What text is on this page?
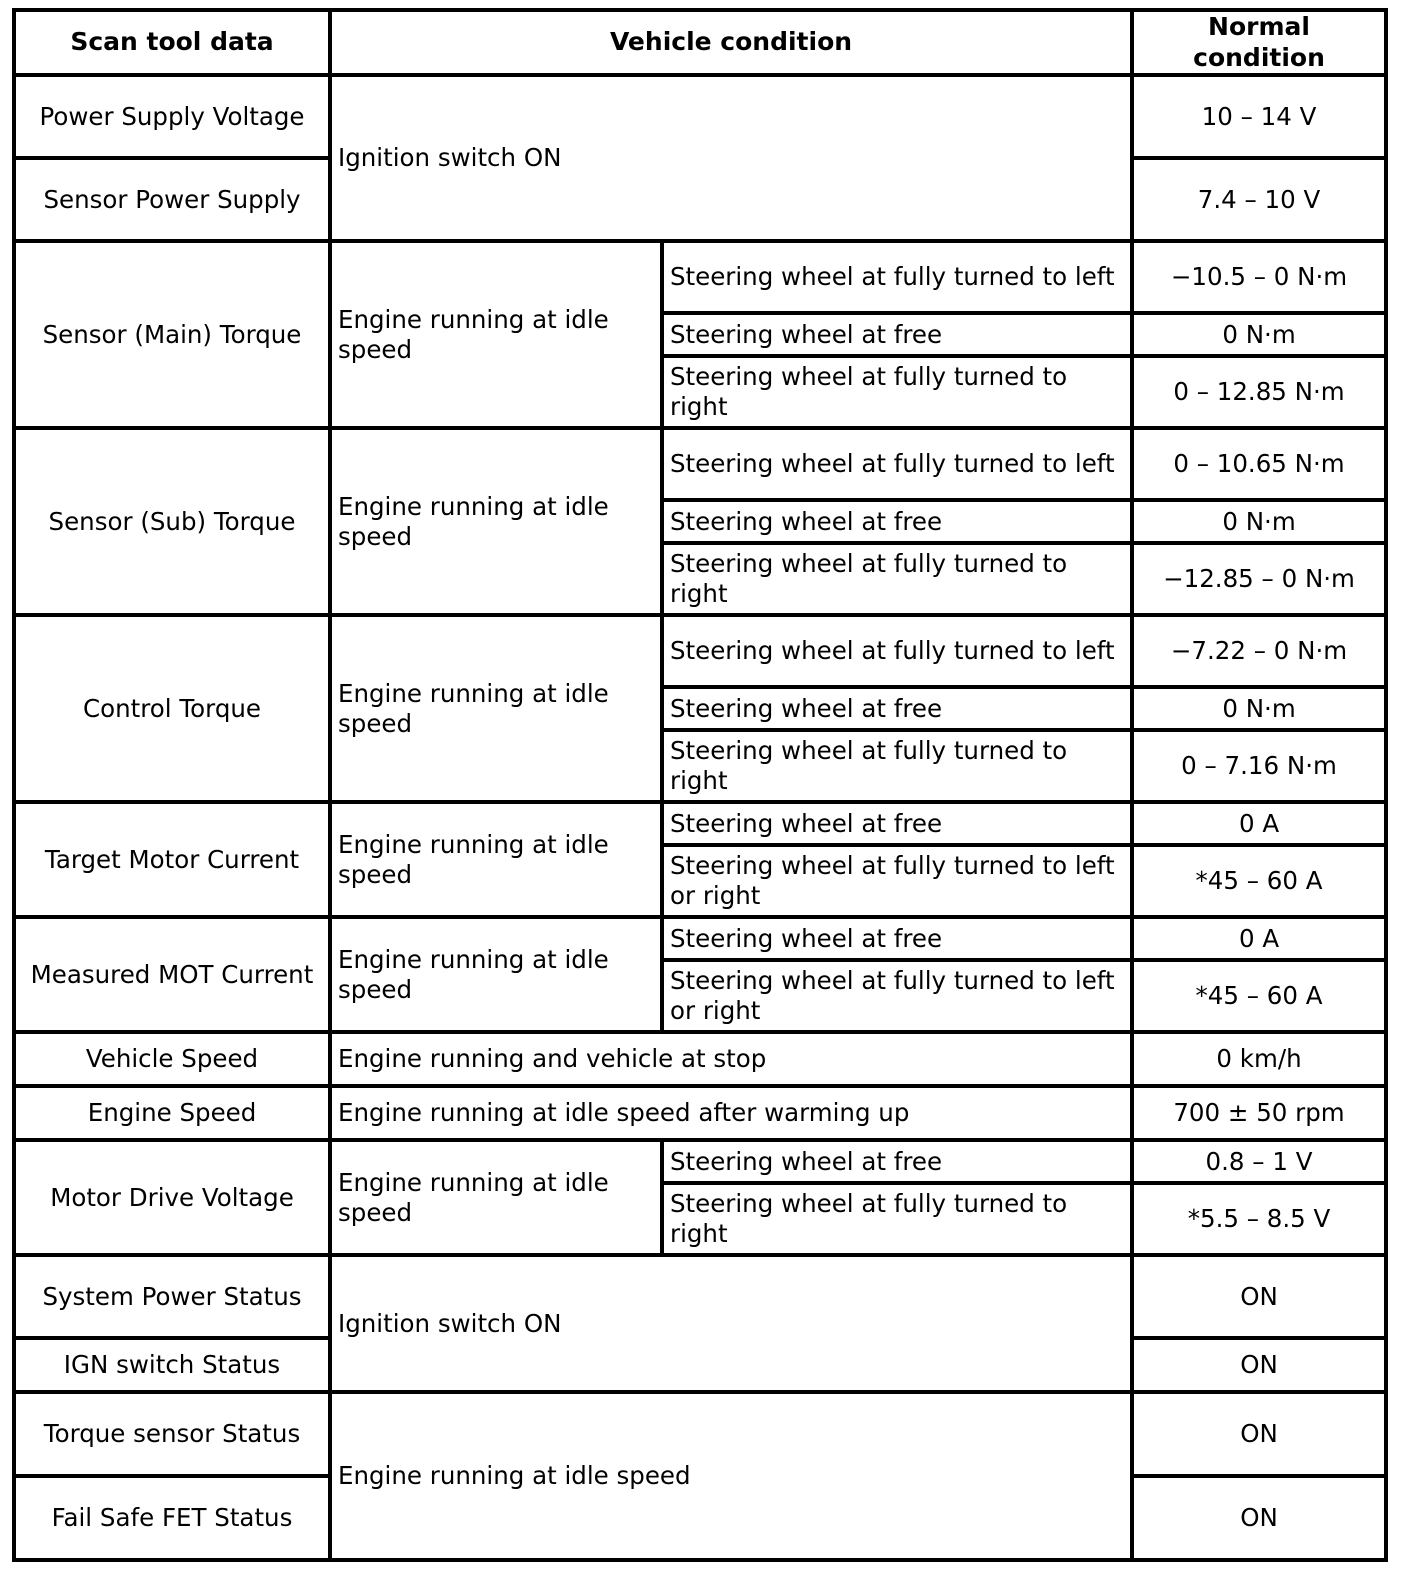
Scan tool data	Vehicle condition		Normal condition
Power Supply Voltage	Ignition switch ON		10 – 14 V
Sensor Power Supply			7.4 – 10 V
Sensor (Main) Torque	Engine running at idle speed	Steering wheel at fully turned to left	−10.5 – 0 N·m
		Steering wheel at free	0 N·m
		Steering wheel at fully turned to right	0 – 12.85 N·m
Sensor (Sub) Torque	Engine running at idle speed	Steering wheel at fully turned to left	0 – 10.65 N·m
		Steering wheel at free	0 N·m
		Steering wheel at fully turned to right	−12.85 – 0 N·m
Control Torque	Engine running at idle speed	Steering wheel at fully turned to left	−7.22 – 0 N·m
		Steering wheel at free	0 N·m
		Steering wheel at fully turned to right	0 – 7.16 N·m
Target Motor Current	Engine running at idle speed	Steering wheel at free	0 A
		Steering wheel at fully turned to left or right	*45 – 60 A
Measured MOT Current	Engine running at idle speed	Steering wheel at free	0 A
		Steering wheel at fully turned to left or right	*45 – 60 A
Vehicle Speed	Engine running and vehicle at stop		0 km/h
Engine Speed	Engine running at idle speed after warming up		700 ± 50 rpm
Motor Drive Voltage	Engine running at idle speed	Steering wheel at free	0.8 – 1 V
		Steering wheel at fully turned to right	*5.5 – 8.5 V
System Power Status	Ignition switch ON		ON
IGN switch Status			ON
Torque sensor Status	Engine running at idle speed		ON
Fail Safe FET Status			ON
